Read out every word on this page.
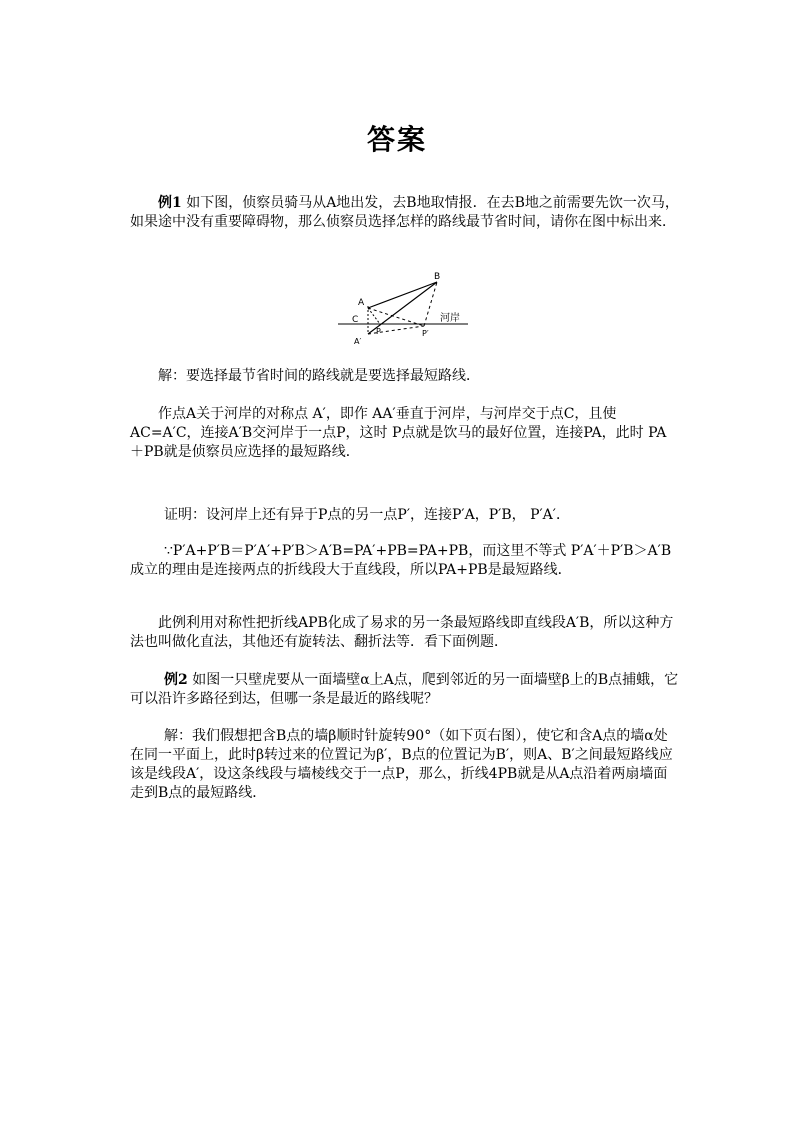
答案

例1 如下图，侦察员骑马从A地出发，去B地取情报．在去B地之前需要先饮一次马，如果途中没有重要障碍物，那么侦察员选择怎样的路线最节省时间，请你在图中标出来．

A
B
C
P
A′
P′
河岸

解：要选择最节省时间的路线就是要选择最短路线．

作点A关于河岸的对称点 A′，即作 AA′垂直于河岸，与河岸交于点C，且使AC=A′C，连接A′B交河岸于一点P，这时 P点就是饮马的最好位置，连接PA，此时 PA＋PB就是侦察员应选择的最短路线．

证明：设河岸上还有异于P点的另一点P′，连接P′A，P′B， P′A′．

∵P′A+P′B＝P′A′+P′B＞A′B=PA′+PB=PA+PB，而这里不等式 P′A′＋P′B＞A′B成立的理由是连接两点的折线段大于直线段，所以PA+PB是最短路线．

此例利用对称性把折线APB化成了易求的另一条最短路线即直线段A′B，所以这种方法也叫做化直法，其他还有旋转法、翻折法等．看下面例题．

例2 如图一只壁虎要从一面墙壁α上A点，爬到邻近的另一面墙壁β上的B点捕蛾，它可以沿许多路径到达，但哪一条是最近的路线呢？

解：我们假想把含B点的墙β顺时针旋转90°（如下页右图），使它和含A点的墙α处在同一平面上，此时β转过来的位置记为β′，B点的位置记为B′，则A、B′之间最短路线应该是线段A′，设这条线段与墙棱线交于一点P，那么，折线4PB就是从A点沿着两扇墙面走到B点的最短路线．
